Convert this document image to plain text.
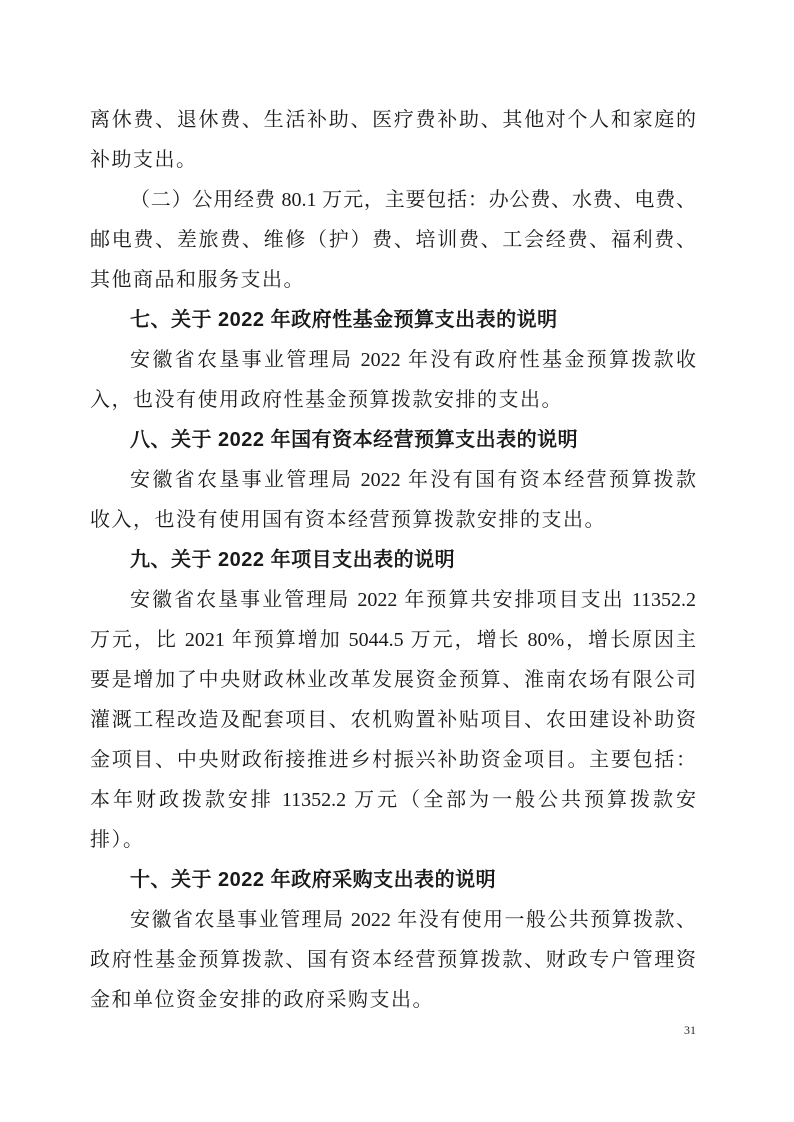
离休费、退休费、生活补助、医疗费补助、其他对个人和家庭的
补助支出。
（二）公用经费 80.1 万元，主要包括：办公费、水费、电费、
邮电费、差旅费、维修（护）费、培训费、工会经费、福利费、
其他商品和服务支出。
七、关于 2022 年政府性基金预算支出表的说明
安徽省农垦事业管理局 2022 年没有政府性基金预算拨款收
入，也没有使用政府性基金预算拨款安排的支出。
八、关于 2022 年国有资本经营预算支出表的说明
安徽省农垦事业管理局 2022 年没有国有资本经营预算拨款
收入，也没有使用国有资本经营预算拨款安排的支出。
九、关于 2022 年项目支出表的说明
安徽省农垦事业管理局 2022 年预算共安排项目支出 11352.2
万元，比 2021 年预算增加 5044.5 万元，增长 80%，增长原因主
要是增加了中央财政林业改革发展资金预算、淮南农场有限公司
灌溉工程改造及配套项目、农机购置补贴项目、农田建设补助资
金项目、中央财政衔接推进乡村振兴补助资金项目。主要包括：
本年财政拨款安排 11352.2 万元（全部为一般公共预算拨款安
排）。
十、关于 2022 年政府采购支出表的说明
安徽省农垦事业管理局 2022 年没有使用一般公共预算拨款、
政府性基金预算拨款、国有资本经营预算拨款、财政专户管理资
金和单位资金安排的政府采购支出。
31
